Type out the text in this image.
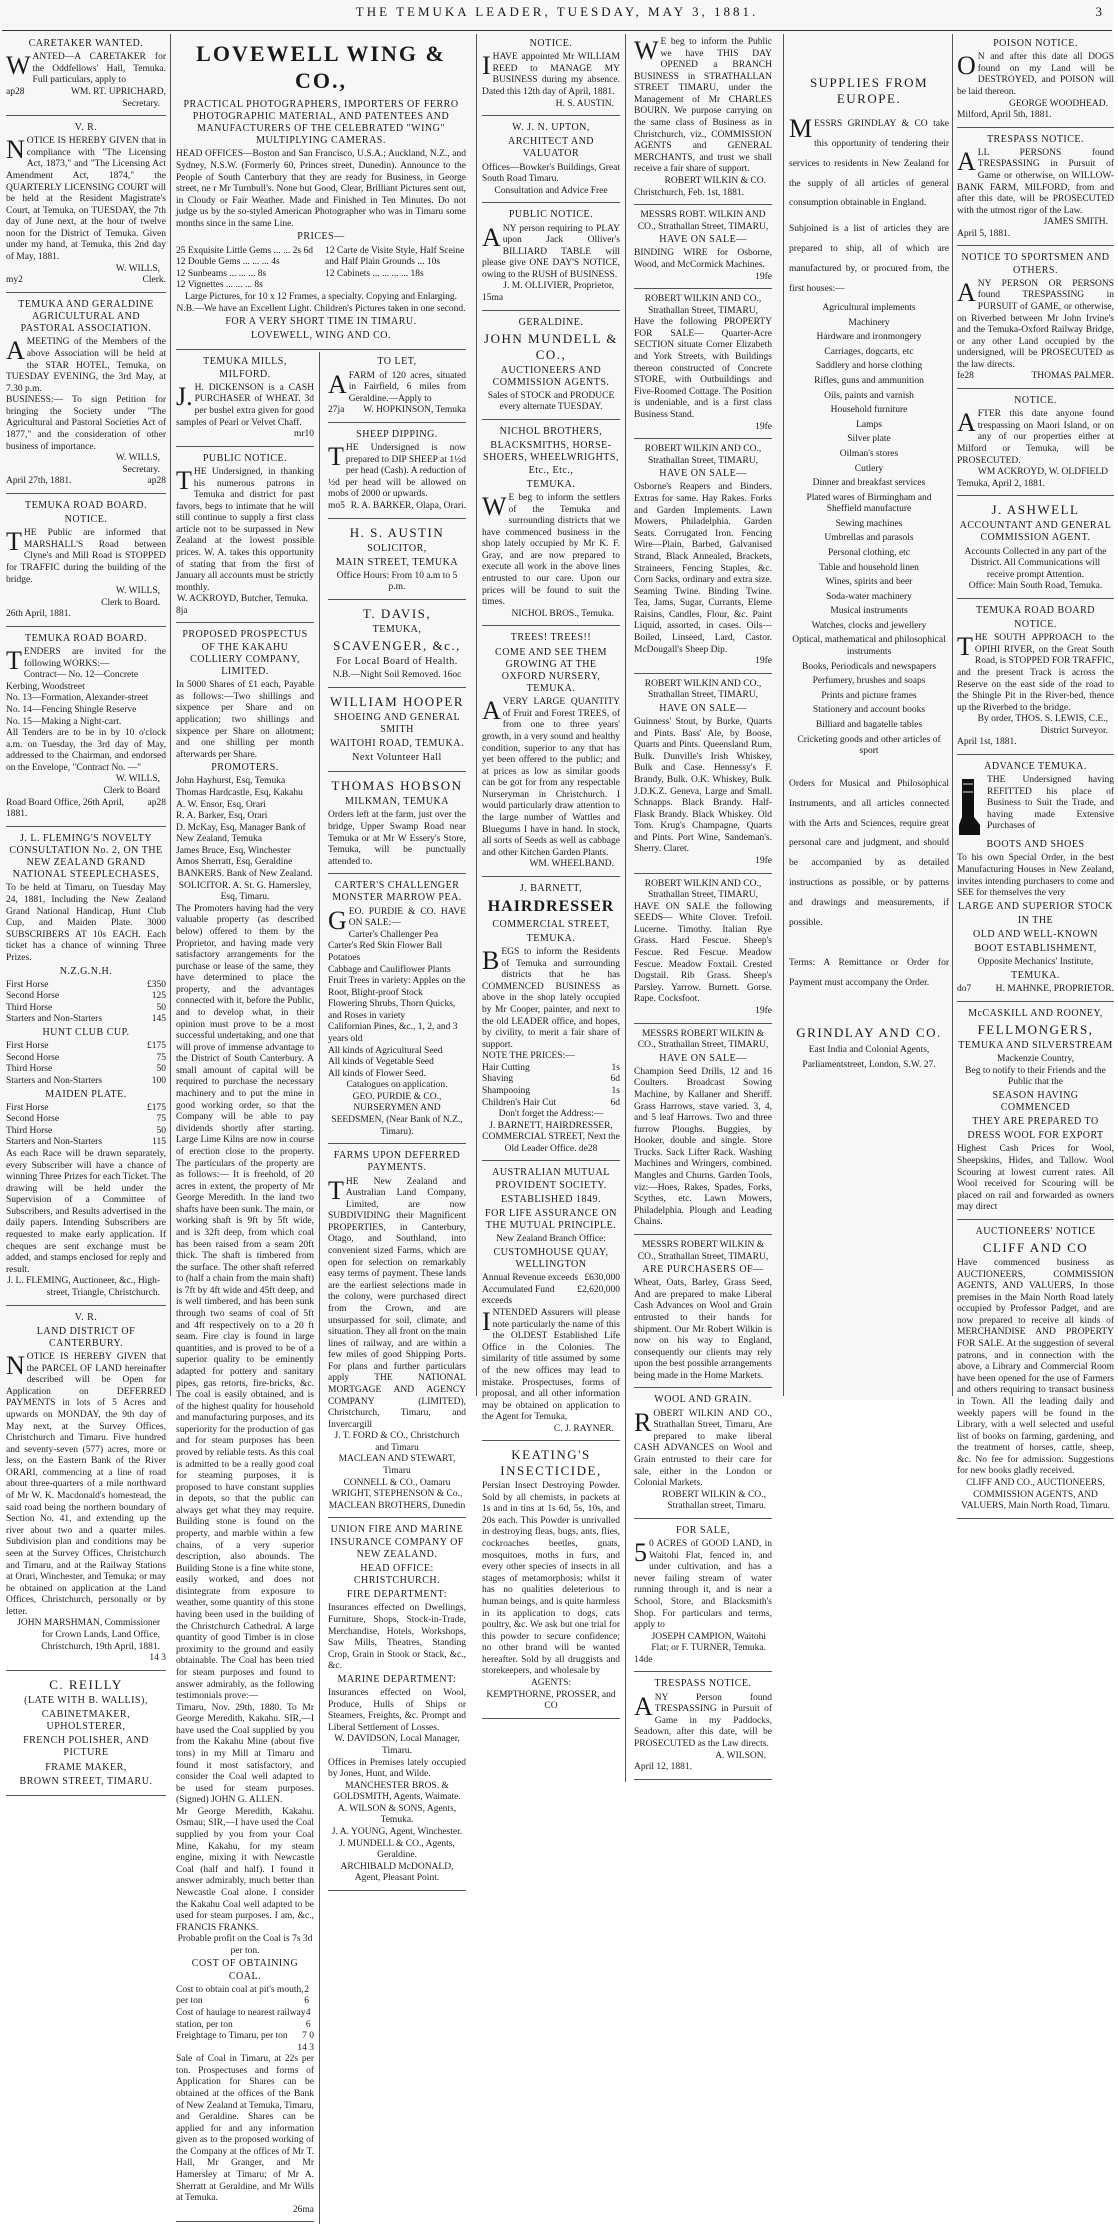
THE TEMUKA LEADER, TUESDAY, MAY 3, 1881.	3
CARETAKER WANTED.
WANTED—A CARETAKER for the Oddfellows' Hall, Temuka. Full particulars, apply to
ap28	WM. RT. UPRICHARD,
Secretary.
V. R.
NOTICE IS HEREBY GIVEN that in compliance with "The Licensing Act, 1873," and "The Licensing Act Amendment Act, 1874," the QUARTERLY LICENSING COURT will be held at the Resident Magistrate's Court, at Temuka, on TUESDAY, the 7th day of June next, at the hour of twelve noon for the District of Temuka. Given under my hand, at Temuka, this 2nd day of May, 1881.
W. WILLS,
my2	Clerk.
TEMUKA AND GERALDINE AGRICULTURAL AND PASTORAL ASSOCIATION.
AMEETING of the Members of the above Association will be held at the STAR HOTEL, Temuka, on TUESDAY EVENING, the 3rd May, at 7.30 p.m.
BUSINESS:— To sign Petition for bringing the Society under "The Agricultural and Pastoral Societies Act of 1877," and the consideration of other business of importance.
W. WILLS,
Secretary.
April 27th, 1881.	ap28
TEMUKA ROAD BOARD.
NOTICE.
THE Public are informed that MARSHALL'S Road between Clyne's and Mill Road is STOPPED for TRAFFIC during the building of the bridge.
W. WILLS,
Clerk to Board.
26th April, 1881.
TEMUKA ROAD BOARD.
TENDERS are invited for the following WORKS:—
Contract— No. 12—Concrete Kerbing, Woodstreet
No. 13—Formation, Alexander-street
No. 14—Fencing Shingle Reserve
No. 15—Making a Night-cart.
All Tenders are to be in by 10 o'clock a.m. on Tuesday, the 3rd day of May, addressed to the Chairman, and endorsed on the Envelope, "Contract No. —"
W. WILLS,
Clerk to Board
Road Board Office, 26th April, 1881.
ap28
J. L. FLEMING'S NOVELTY CONSULTATION No. 2, ON THE NEW ZEALAND GRAND NATIONAL STEEPLECHASES,
To be held at Timaru, on Tuesday May 24, 1881, Including the New Zealand Grand National Handicap, Hunt Club Cup, and Maiden Plate. 3000 SUBSCRIBERS AT 10s EACH. Each ticket has a chance of winning Three Prizes.
N.Z.G.N.H.
First Horse	£350
Second Horse	125
Third Horse	50
Starters and Non-Starters	145
HUNT CLUB CUP.
First Horse	£175
Second Horse	75
Third Horse	50
Starters and Non-Starters	100
MAIDEN PLATE.
First Horse	£175
Second Horse	75
Third Horse	50
Starters and Non-Starters	115
As each Race will be drawn separately, every Subscriber will have a chance of winning Three Prizes for each Ticket. The drawing will be held under the Supervision of a Committee of Subscribers, and Results advertised in the daily papers. Intending Subscribers are requested to make early application. If cheques are sent exchange must be added, and stamps enclosed for reply and result.
J. L. FLEMING, Auctioneer, &c., High-street, Triangle, Christchurch.
V. R.
LAND DISTRICT OF CANTERBURY.
NOTICE IS HEREBY GIVEN that the PARCEL OF LAND hereinafter described will be Open for Application on DEFERRED PAYMENTS in lots of 5 Acres and upwards on MONDAY, the 9th day of May next, at the Survey Offices, Christchurch and Timaru. Five hundred and seventy-seven (577) acres, more or less, on the Eastern Bank of the River ORARI, commencing at a line of road about three-quarters of a mile northward of Mr W. K. Macdonald's homestead, the said road being the northern boundary of Section No. 41, and extending up the river about two and a quarter miles. Subdivision plan and conditions may be seen at the Survey Offices, Christchurch and Timaru, and at the Railway Stations at Orari, Winchester, and Temuka; or may be obtained on application at the Land Offices, Christchurch, personally or by letter.
JOHN MARSHMAN, Commissioner for Crown Lands, Land Office, Christchurch, 19th April, 1881.
14 3
C. REILLY
(LATE WITH B. WALLIS),
CABINETMAKER, UPHOLSTERER,
FRENCH POLISHER, AND PICTURE
FRAME MAKER,
BROWN STREET, TIMARU.
LOVEWELL WING & CO.,
PRACTICAL PHOTOGRAPHERS, IMPORTERS OF FERRO PHOTOGRAPHIC MATERIAL, AND PATENTEES AND MANUFACTURERS OF THE CELEBRATED "WING" MULTIPLYING CAMERAS.
HEAD OFFICES—Boston and San Francisco, U.S.A.; Auckland, N.Z., and Sydney, N.S.W. (Formerly 60, Princes street, Dunedin). Announce to the People of South Canterbury that they are ready for Business, in George street, ne r Mr Turnbull's. None but Good, Clear, Brilliant Pictures sent out, in Cloudy or Fair Weather. Made and Finished in Ten Minutes. Do not judge us by the so-styled American Photographer who was in Timaru some months since in the same Line.
PRICES—
25 Exquisite Little Gems ... ... 2s 6d
12 Double Gems ... ... ... 4s
12 Sunbeams ... ... ... 8s
12 Vignettes ... ... ... 8s
12 Carte de Visite Style, Half Sceine and Half Plain Grounds ... 10s
12 Cabinets ... ... ... ... 18s
Large Pictures, for 10 x 12 Frames, a specialty. Copying and Enlarging.
N.B.—We have an Excellent Light. Children's Pictures taken in one second.
FOR A VERY SHORT TIME IN TIMARU.
LOVEWELL, WING AND CO.
TEMUKA MILLS, MILFORD.
J.H. DICKENSON is a CASH PURCHASER of WHEAT. 3d per bushel extra given for good samples of Pearl or Velvet Chaff.
mr10
PUBLIC NOTICE.
THE Undersigned, in thanking his numerous patrons in Temuka and district for past favors, begs to intimate that he will still continue to supply a first class article not to be surpassed in New Zealand at the lowest possible prices. W. A. takes this opportunity of stating that from the first of January all accounts must be strictly monthly.
W. ACKROYD, Butcher, Temuka.
8ja
PROPOSED PROSPECTUS OF THE KAKAHU COLLIERY COMPANY, LIMITED.
In 5000 Shares of £1 each, Payable as follows:—Two shillings and sixpence per Share and on application; two shillings and sixpence per Share on allotment; and one shilling per month afterwards per Share.
PROMOTERS.
John Hayhurst, Esq, Temuka
Thomas Hardcastle, Esq, Kakahu
A. W. Ensor, Esq, Orari
R. A. Barker, Esq, Orari
D. McKay, Esq, Manager Bank of New Zealand, Temuka
James Bruce, Esq, Winchester
Amos Sherratt, Esq, Geraldine
BANKERS. Bank of New Zealand.
SOLICITOR. A. St. G. Hamersley, Esq, Timaru.
The Promoters having had the very valuable property (as described below) offered to them by the Proprietor, and having made very satisfactory arrangements for the purchase or lease of the same, they have determined to place the property, and the advantages connected with it, before the Public, and to develop what, in their opinion must prove to be a most successful undertaking, and one that will prove of immense advantage to the District of South Canterbury. A small amount of capital will be required to purchase the necessary machinery and to put the mine in good working order, so that the Company will be able to pay dividends shortly after starting. Large Lime Kilns are now in course of erection close to the property. The particulars of the property are as follows:— It is freehold, of 20 acres in extent, the property of Mr George Meredith. In the land two shafts have been sunk. The main, or working shaft is 9ft by 5ft wide, and is 32ft deep, from which coal has been raised from a seam 20ft thick. The shaft is timbered from the surface. The other shaft referred to (half a chain from the main shaft) is 7ft by 4ft wide and 45ft deep, and is well timbered, and has been sunk through two seams of coal of 5ft and 4ft respectively on to a 20 ft seam. Fire clay is found in large quantities, and is proved to be of a superior quality to be eminently adapted for pottery and sanitary pipes, gas retorts, fire-bricks, &c. The coal is easily obtained, and is of the highest quality for household and manufacturing purposes, and its superiority for the production of gas and for steam purposes has been proved by reliable tests. As this coal is admitted to be a really good coal for steaming purposes, it is proposed to have constant supplies in depots, so that the public can always get what they may require. Building stone is found on the property, and marble within a few chains, of a very superior description, also abounds. The Building Stone is a fine white stone, easily worked, and does not disintegrate from exposure to weather, some quantity of this stone having been used in the building of the Christchurch Cathedral. A large quantity of good Timber is in close proximity to the ground and easily obtainable. The Coal has been tried for steam purposes and found to answer admirably, as the following testimonials prove:—
Timaru, Nov. 29th, 1880. To Mr George Meredith, Kakahu. SIR,—I have used the Coal supplied by you from the Kakahu Mine (about five tons) in my Mill at Timaru and found it most satisfactory, and consider the Coal well adapted to be used for steam purposes. (Signed) JOHN G. ALLEN.
Mr George Meredith, Kakahu. Osmau; SIR,—I have used the Coal supplied by you from your Coal Mine, Kakahu, for my steam engine, mixing it with Newcastle Coal (half and half). I found it answer admirably, much better than Newcastle Coal alone. I consider the Kakahu Coal well adapted to be used for steam purposes. I am, &c., FRANCIS FRANKS.
Probable profit on the Coal is 7s 3d per ton.
COST OF OBTAINING COAL.
Cost to obtain coal at pit's mouth, per ton
2 6
Cost of haulage to nearest railway station, per ton
4 6
Freightage to Timaru, per ton 7 0
14 3
Sale of Coal in Timaru, at 22s per ton. Prospectuses and forms of Application for Shares can be obtained at the offices of the Bank of New Zealand at Temuka, Timaru, and Geraldine. Shares can be applied for and any information given as to the proposed working of the Company at the offices of Mr T. Hall, Mr Granger, and Mr Hamersley at Timaru; of Mr A. Sherratt at Geraldine, and Mr Wills at Temuka.
26ma
TO LET,
AFARM of 120 acres, situated in Fairfield, 6 miles from Geraldine.—Apply to
27ja W. HOPKINSON, Temuka
SHEEP DIPPING.
THE Undersigned is now prepared to DIP SHEEP at 1½d per head (Cash). A reduction of ½d per head will be allowed on mobs of 2000 or upwards.
mo5 R. A. BARKER, Olapa, Orari.
H. S. AUSTIN
SOLICITOR,
MAIN STREET, TEMUKA
Office Hours: From 10 a.m to 5 p.m.
T. DAVIS,
TEMUKA,
SCAVENGER, &c.,
For Local Board of Health.
N.B.—Night Soil Removed. 16oc
WILLIAM HOOPER
SHOEING AND GENERAL SMITH
WAITOHI ROAD, TEMUKA.
Next Volunteer Hall
THOMAS HOBSON
MILKMAN, TEMUKA
Orders left at the farm, just over the bridge, Upper Swamp Road near Temuka or at Mr W Essery's Store, Temuka, will be punctually attended to.
CARTER'S CHALLENGER MONSTER MARROW PEA.
GEO. PURDIE & CO. HAVE ON SALE:—
Carter's Challenger Pea
Carter's Red Skin Flower Ball Potatoes
Cabbage and Cauliflower Plants
Fruit Trees in variety: Apples on the Root, Blight-proof Stock
Flowering Shrubs, Thorn Quicks, and Roses in variety
Californian Pines, &c., 1, 2, and 3 years old
All kinds of Agricultural Seed
All kinds of Vegetable Seed
All kinds of Flower Seed.
Catalogues on application.
GEO. PURDIE & CO., NURSERYMEN AND SEEDSMEN, (Near Bank of N.Z., Timaru).
FARMS UPON DEFERRED PAYMENTS.
THE New Zealand and Australian Land Company, Limited, are now SUBDIVIDING their Magnificent PROPERTIES, in Canterbury, Otago, and Southland, into convenient sized Farms, which are open for selection on remarkably easy terms of payment. These lands are the earliest selections made in the colony, were purchased direct from the Crown, and are unsurpassed for soil, climate, and situation. They all front on the main lines of railway, and are within a few miles of good Shipping Ports. For plans and further particulars apply THE NATIONAL MORTGAGE AND AGENCY COMPANY (LIMITED), Christchurch, Timaru, and Invercargill
J. T. FORD & CO., Christchurch and Timaru
MACLEAN AND STEWART, Timaru
CONNELL & CO., Oamaru
WRIGHT, STEPHENSON & Co., MACLEAN BROTHERS, Dunedin
UNION FIRE AND MARINE INSURANCE COMPANY OF NEW ZEALAND.
HEAD OFFICE: CHRISTCHURCH.
FIRE DEPARTMENT:
Insurances effected on Dwellings, Furniture, Shops, Stock-in-Trade, Merchandise, Hotels, Workshops, Saw Mills, Theatres, Standing Crop, Grain in Stook or Stack, &c., &c.
MARINE DEPARTMENT:
Insurances effected on Wool, Produce, Hulls of Ships or Steamers, Freights, &c. Prompt and Liberal Settlement of Losses.
W. DAVIDSON, Local Manager, Timaru.
Offices in Premises lately occupied by Jones, Hunt, and Wilde.
MANCHESTER BROS. & GOLDSMITH, Agents, Waimate.
A. WILSON & SONS, Agents, Temuka.
J. A. YOUNG, Agent, Winchester.
J. MUNDELL & CO., Agents, Geraldine.
ARCHIBALD McDONALD, Agent, Pleasant Point.
NOTICE.
IHAVE appointed Mr WILLIAM REED to MANAGE MY BUSINESS during my absence. Dated this 12th day of April, 1881.
H. S. AUSTIN.
W. J. N. UPTON,
ARCHITECT AND VALUATOR
Offices—Bowker's Buildings, Great South Road Timaru.
Consultation and Advice Free
PUBLIC NOTICE.
ANY person requiring to PLAY upon Jack Olliver's BILLIARD TABLE will please give ONE DAY'S NOTICE, owing to the RUSH of BUSINESS.
J. M. OLLIVIER, Proprietor,
15ma
GERALDINE.
JOHN MUNDELL & CO.,
AUCTIONEERS AND COMMISSION AGENTS.
Sales of STOCK and PRODUCE every alternate TUESDAY.
NICHOL BROTHERS,
BLACKSMITHS, HORSE-SHOERS, WHEELWRIGHTS, Etc., Etc.,
TEMUKA.
WE beg to inform the settlers of the Temuka and surrounding districts that we have commenced business in the shop lately occupied by Mr K. F. Gray, and are now prepared to execute all work in the above lines entrusted to our care. Upon our prices will be found to suit the times.
NICHOL BROS., Temuka.
TREES! TREES!!
COME AND SEE THEM GROWING AT THE OXFORD NURSERY, TEMUKA.
AVERY LARGE QUANTITY of Fruit and Forest TREES, of from one to three years' growth, in a very sound and healthy condition, superior to any that has yet been offered to the public; and at prices as low as similar goods can be got for from any respectable Nurseryman in Christchurch. I would particularly draw attention to the large number of Wattles and Bluegums I have in hand. In stock, all sorts of Seeds as well as cabbage and other Kitchen Garden Plants.
WM. WHEELBAND.
J. BARNETT,
HAIRDRESSER
COMMERCIAL STREET,
TEMUKA.
BEGS to inform the Residents of Temuka and surrounding districts that he has COMMENCED BUSINESS as above in the shop lately occupied by Mr Cooper, painter, and next to the old LEADER office, and hopes, by civility, to merit a fair share of support.
NOTE THE PRICES:—
Hair Cutting	1s
Shaving	6d
Shampooing	1s
Children's Hair Cut	6d
Don't forget the Address:—
J. BARNETT, HAIRDRESSER, COMMERCIAL STREET, Next the Old Leader Office. de28
AUSTRALIAN MUTUAL PROVIDENT SOCIETY.
ESTABLISHED 1849.
FOR LIFE ASSURANCE ON THE MUTUAL PRINCIPLE.
New Zealand Branch Office:
CUSTOMHOUSE QUAY, WELLINGTON
Annual Revenue exceeds £630,000
Accumulated Fund exceeds
£2,620,000
INTENDED Assurers will please note particularly the name of this the OLDEST Established Life Office in the Colonies. The similarity of title assumed by some of the new offices may lead to mistake. Prospectuses, forms of proposal, and all other information may be obtained on application to the Agent for Temuka,
C. J. RAYNER.
KEATING'S INSECTICIDE,
Persian Insect Destroying Powder. Sold by all chemists, in packets at 1s and in tins at 1s 6d, 5s, 10s, and 20s each. This Powder is unrivalled in destroying fleas, bugs, ants, flies, cockroaches beetles, gnats, mosquitoes, moths in furs, and every other species of insects in all stages of metamorphosis; whilst it has no qualities deleterious to human beings, and is quite harmless in its application to dogs, cats poultry, &c. We ask but one trial for this powder to secure confidence; no other brand will be wanted hereafter. Sold by all druggists and storekeepers, and wholesale by
AGENTS:
KEMPTHORNE, PROSSER, and CO
WE beg to inform the Public we have THIS DAY OPENED a BRANCH BUSINESS in STRATHALLAN STREET TIMARU, under the Management of Mr CHARLES BOURN. We purpose carrying on the same class of Business as in Christchurch, viz., COMMISSION AGENTS and GENERAL MERCHANTS, and trust we shall receive a fair share of support.
ROBERT WILKIN & CO.
Christchurch, Feb. 1st, 1881.
MESSRS ROBT. WILKIN AND CO., Strathallan Street, TIMARU,
HAVE ON SALE—
BINDING WIRE for Osborne, Wood, and McCormick Machines.
19fe
ROBERT WILKIN AND CO., Strathallan Street, TIMARU,
Have the following PROPERTY FOR SALE— Quarter-Acre SECTION situate Corner Elizabeth and York Streets, with Buildings thereon constructed of Concrete STORE, with Outbuildings and Five-Roomed Cottage. The Position is undeniable, and is a first class Business Stand.
19fe
ROBERT WILKIN AND CO., Strathallan Street, TIMARU,
HAVE ON SALE—
Osborne's Reapers and Binders. Extras for same. Hay Rakes. Forks and Garden Implements. Lawn Mowers, Philadelphia. Garden Seats. Corrugated Iron. Fencing Wire—Plain, Barbed, Galvanised Strand, Black Annealed, Brackets, Straineers, Fencing Staples, &c. Corn Sacks, ordinary and extra size. Seaming Twine. Binding Twine. Tea, Jams, Sugar, Currants, Eleme Raisins, Candles, Flour, &c. Paint Liquid, assorted, in cases. Oils—Boiled, Linseed, Lard, Castor. McDougall's Sheep Dip.
19fe
ROBERT WILKIN AND CO., Strathallan Street, TIMARU,
HAVE ON SALE—
Guinness' Stout, by Burke, Quarts and Pints. Bass' Ale, by Boose, Quarts and Pints. Queensland Rum, Bulk. Dunville's Irish Whiskey, Bulk and Case. Hennessy's F. Brandy, Bulk. O.K. Whiskey, Bulk. J.D.K.Z. Geneva, Large and Small. Schnapps. Black Brandy. Half-Flask Brandy. Black Whiskey. Old Tom. Krug's Champagne, Quarts and Pints. Port Wine, Sandeman's. Sherry. Claret.
19fe
ROBERT WILKIN AND CO., Strathallan Street, TIMARU,
HAVE ON SALE the following SEEDS— White Clover. Trefoil. Lucerne. Timothy. Italian Rye Grass. Hard Fescue. Sheep's Fescue. Red Fescue. Meadow Fescue. Meadow Foxtail. Crested Dogstail. Rib Grass. Sheep's Parsley. Yarrow. Burnett. Gorse. Rape. Cocksfoot.
19fe
MESSRS ROBERT WILKIN & CO., Strathallan Street, TIMARU,
HAVE ON SALE—
Champion Seed Drills, 12 and 16 Coulters. Broadcast Sowing Machine, by Kallaner and Sheriff. Grass Harrows, stave varied. 3, 4, and 5 leaf Harrows. Two and three furrow Ploughs. Buggies, by Hooker, double and single. Store Trucks. Sack Lifter Rack. Washing Machines and Wringers, combined. Mangles and Churns. Garden Tools, viz:—Hoes, Rakes, Spades, Forks, Scythes, etc. Lawn Mowers, Philadelphia. Plough and Leading Chains.
MESSRS ROBERT WILKIN & CO., Strathallan Street, TIMARU,
ARE PURCHASERS OF—
Wheat, Oats, Barley, Grass Seed, And are prepared to make Liberal Cash Advances on Wool and Grain entrusted to their hands for shipment. Our Mr Robert Wilkin is now on his way to England, consequently our clients may rely upon the best possible arrangements being made in the Home Markets.
WOOL AND GRAIN.
ROBERT WILKIN AND CO., Strathallan Street, Timaru, Are prepared to make liberal CASH ADVANCES on Wool and Grain entrusted to their care for sale, either in the London or Colonial Markets.
ROBERT WILKIN & CO., Strathallan street, Timaru.
FOR SALE,
50 ACRES of GOOD LAND, in Waitohi Flat, fenced in, and under cultivation, and has a never failing stream of water running through it, and is near a School, Store, and Blacksmith's Shop. For particulars and terms, apply to
JOSEPH CAMPION, Waitohi Flat; or F. TURNER, Temuka.
14de
TRESPASS NOTICE.
ANY Person found TRESPASSING in Pursuit of Game in my Paddocks, Seadown, after this date, will be PROSECUTED as the Law directs.
A. WILSON.
April 12, 1881.
SUPPLIES FROM EUROPE.
MESSRS GRINDLAY & CO take this opportunity of tendering their services to residents in New Zealand for the supply of all articles of general consumption obtainable in England.
Subjoined is a list of articles they are prepared to ship, all of which are manufactured by, or procured from, the first houses:—
Agricultural implements
Machinery
Hardware and ironmongery
Carriages, dogcarts, etc
Saddlery and horse clothing
Rifles, guns and ammunition
Oils, paints and varnish
Household furniture
Lamps
Silver plate
Oilman's stores
Cutlery
Dinner and breakfast services
Plated wares of Birmingham and Sheffield manufacture
Sewing machines
Umbrellas and parasols
Personal clothing, etc
Table and household linen
Wines, spirits and beer
Soda-water machinery
Musical instruments
Watches, clocks and jewellery
Optical, mathematical and philosophical instruments
Books, Periodicals and newspapers
Perfumery, brushes and soaps
Prints and picture frames
Stationery and account books
Billiard and bagatelle tables
Cricketing goods and other articles of sport
Orders for Musical and Philosophical Instruments, and all articles connected with the Arts and Sciences, require great personal care and judgment, and should be accompanied by as detailed instructions as possible, or by patterns and drawings and measurements, if possible.
Terms: A Remittance or Order for Payment must accompany the Order.
GRINDLAY AND CO.
East India and Colonial Agents,
Parliamentstreet, London, S.W. 27.
POISON NOTICE.
ON and after this date all DOGS found on my Land will be DESTROYED, and POISON will be laid thereon.
GEORGE WOODHEAD.
Milford, April 5th, 1881.
TRESPASS NOTICE.
ALL PERSONS found TRESPASSING in Pursuit of Game or otherwise, on WILLOW-BANK FARM, MILFORD, from and after this date, will be PROSECUTED with the utmost rigor of the Law.
JAMES SMITH.
April 5, 1881.
NOTICE TO SPORTSMEN AND OTHERS.
ANY PERSON OR PERSONS found TRESPASSING in PURSUIT of GAME, or otherwise, on Riverbed between Mr John Irvine's and the Temuka-Oxford Railway Bridge, or any other Land occupied by the undersigned, will be PROSECUTED as the law directs.
fe28	THOMAS PALMER.
NOTICE.
AFTER this date anyone found trespassing on Maori Island, or on any of our properties either at Milford or Temuka, will be PROSECUTED.
WM ACKROYD, W. OLDFIELD
Temuka, April 2, 1881.
J. ASHWELL
ACCOUNTANT AND GENERAL COMMISSION AGENT.
Accounts Collected in any part of the District. All Communications will receive prompt Attention.
Office: Main South Road, Temuka.
TEMUKA ROAD BOARD
NOTICE.
THE SOUTH APPROACH to the OPIHI RIVER, on the Great South Road, is STOPPED FOR TRAFFIC, and the present Track is across the Reserve on the east side of the road to the Shingle Pit in the River-bed, thence up the Riverbed to the bridge.
By order, THOS. S. LEWIS, C.E., District Surveyor.
April 1st, 1881.
ADVANCE TEMUKA.
THE Undersigned having REFITTED his place of Business to Suit the Trade, and having made Extensive Purchases of
BOOTS AND SHOES
To his own Special Order, in the best Manufacturing Houses in New Zealand, invites intending purchasers to come and SEE for themselves the very
LARGE AND SUPERIOR STOCK
IN THE
OLD AND WELL-KNOWN
BOOT ESTABLISHMENT,
Opposite Mechanics' Institute,
TEMUKA.
do7	H. MAHNKE, PROPRIETOR.
McCASKILL AND ROONEY,
FELLMONGERS,
TEMUKA AND SILVERSTREAM
Mackenzie Country,
Beg to notify to their Friends and the Public that the
SEASON HAVING COMMENCED
THEY ARE PREPARED TO
DRESS WOOL FOR EXPORT
Highest Cash Prices for Wool, Sheepskins, Hides, and Tallow. Wool Scouring at lowest current rates. All Wool received for Scouring will be placed on rail and forwarded as owners may direct
AUCTIONEERS' NOTICE
CLIFF AND CO
Have commenced business as AUCTIONEERS, COMMISSION AGENTS, AND VALUERS, In those premises in the Main North Road lately occupied by Professor Padget, and are now prepared to receive all kinds of MERCHANDISE AND PROPERTY FOR SALE. At the suggestion of several patrons, and in connection with the above, a Library and Commercial Room have been opened for the use of Farmers and others requiring to transact business in Town. All the leading daily and weekly papers will be found in the Library, with a well selected and useful list of books on farming, gardening, and the treatment of horses, cattle, sheep, &c. No fee for admission. Suggestions for new books gladly received.
CLIFF AND CO., AUCTIONEERS, COMMISSION AGENTS, AND VALUERS, Main North Road, Timaru.
